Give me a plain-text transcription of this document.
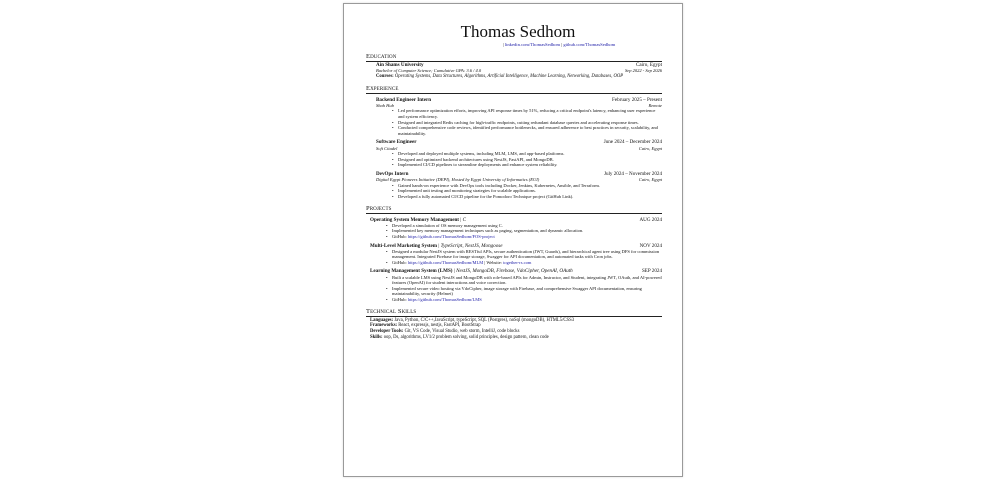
Thomas Sedhom
| linkedin.com/ThomasSedhom | github.com/ThomasSedhom
Education
Ain Shams University	Cairo, Egypt
Bachelor of Computer Science; Cumulative GPA: 3.6 / 4.0	Sep 2022 - Sep 2026
Courses: Operating Systems, Data Structures, Algorithms, Artificial Intelligence, Machine Learning, Networking, Databases, OOP
Experience
Backend Engineer Intern	February 2025 – Present
Shah Hub	Remote
• Led performance optimization efforts, improving API response times by 51%, reducing a critical endpoint's latency, enhancing user experience and system efficiency.
• Designed and integrated Redis caching for high-traffic endpoints, cutting redundant database queries and accelerating response times.
• Conducted comprehensive code reviews, identified performance bottlenecks, and ensured adherence to best practices in security, scalability, and maintainability.
Software Engineer	June 2024 – December 2024
Soft Citadel	Cairo, Egypt
• Developed and deployed multiple systems, including MLM, LMS, and app-based platforms.
• Designed and optimized backend architectures using NestJS, FastAPI, and MongoDB.
• Implemented CI/CD pipelines to streamline deployments and enhance system reliability.
DevOps Intern	July 2024 – November 2024
Digital Egypt Pioneers Initiative (DEPI), Hosted by Egypt University of Informatics (EUI)	Cairo, Egypt
• Gained hands-on experience with DevOps tools including Docker, Jenkins, Kubernetes, Ansible, and Terraform.
• Implemented unit testing and monitoring strategies for scalable applications.
• Developed a fully automated CI/CD pipeline for the Pomodoro Technique project (GitHub Link).
Projects
Operating System Memory Management | C	AUG 2024
• Developed a simulation of OS memory management using C.
• Implemented key memory management techniques such as paging, segmentation, and dynamic allocation.
• GitHub: https://github.com/ThomasSedhom/FOS-project
Multi-Level Marketing System | TypeScript, NestJS, Mongoose	NOV 2024
• Designed a modular NestJS system with RESTful APIs, secure authentication (JWT, Guards), and hierarchical agent tree using DFS for commission management. Integrated Firebase for image storage, Swagger for API documentation, and automated tasks with Cron jobs.
• GitHub: https://github.com/ThomasSedhom/MLM | Website: together-rs.com
Learning Management System (LMS) | NestJS, MongoDB, Firebase, VdoCipher, OpenAI, OAuth	SEP 2024
• Built a scalable LMS using NestJS and MongoDB with role-based APIs for Admin, Instructor, and Student, integrating JWT, OAuth, and AI-powered features (OpenAI) for student interactions and voice correction.
• Implemented secure video hosting via VdoCipher, image storage with Firebase, and comprehensive Swagger API documentation, ensuring maintainability, security (Helmet)
• GitHub: https://github.com/ThomasSedhom/LMS
Technical Skills
Languages: Java, Python, C/C++,JavaScript, typeScript, SQL (Postgres), noSql (mongoDB), HTML5/CSS3
Frameworks: React, expressjs, nestjs, FastAPI, BootStrap
Developer Tools: Git, VS Code, Visual Studio, web storm, IntelliJ, code blocks
Skills: oop, Ds, algorithms, LV1/2 problem solving, solid principles, design pattern, clean code
